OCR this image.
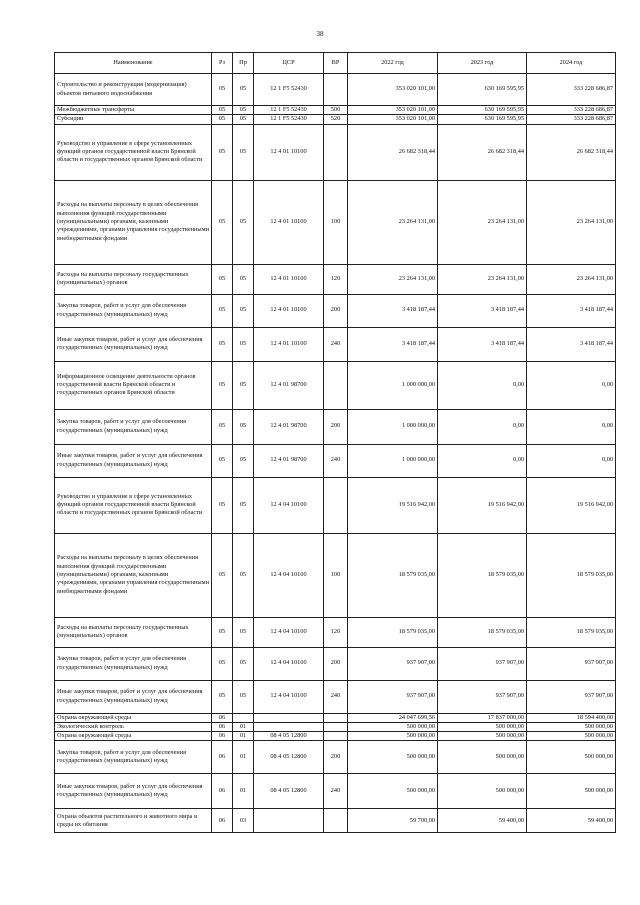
38
Наименование	Рз	Пр	ЦСР	ВР	2022 год	2023 год	2024 год
Строительство и реконструкция (модернизация) объектов питьевого водоснабжения	05	05	12 1 F5 52430		353 020 101,00	630 169 595,95	333 228 686,87
Межбюджетные трансферты	05	05	12 1 F5 52430	500	353 020 101,00	630 169 595,95	333 228 686,87
Субсидии	05	05	12 1 F5 52430	520	353 020 101,00	630 169 595,95	333 228 686,87
Руководство и управление в сфере установленных функций органов государственной власти Брянской области и государственных органов Брянской области	05	05	12 4 01 10100		26 682 318,44	26 682 318,44	26 682 318,44
Расходы на выплаты персоналу в целях обеспечения выполнения функций государственными (муниципальными) органами, казенными учреждениями, органами управления государственными внебюджетными фондами	05	05	12 4 01 10100	100	23 264 131,00	23 264 131,00	23 264 131,00
Расходы на выплаты персоналу государственных (муниципальных) органов	05	05	12 4 01 10100	120	23 264 131,00	23 264 131,00	23 264 131,00
Закупка товаров, работ и услуг для обеспечения государственных (муниципальных) нужд	05	05	12 4 01 10100	200	3 418 187,44	3 418 187,44	3 418 187,44
Иные закупки товаров, работ и услуг для обеспечения государственных (муниципальных) нужд	05	05	12 4 01 10100	240	3 418 187,44	3 418 187,44	3 418 187,44
Информационное освещение деятельности органов государственной власти Брянской области и государственных органов Брянской области	05	05	12 4 01 98700		1 000 000,00	0,00	0,00
Закупка товаров, работ и услуг для обеспечения государственных (муниципальных) нужд	05	05	12 4 01 98700	200	1 000 000,00	0,00	0,00
Иные закупки товаров, работ и услуг для обеспечения государственных (муниципальных) нужд	05	05	12 4 01 98700	240	1 000 000,00	0,00	0,00
Руководство и управление в сфере установленных функций органов государственной власти Брянской области и государственных органов Брянской области	05	05	12 4 04 10100		19 516 942,00	19 516 942,00	19 516 942,00
Расходы на выплаты персоналу в целях обеспечения выполнения функций государственными (муниципальными) органами, казенными учреждениями, органами управления государственными внебюджетными фондами	05	05	12 4 04 10100	100	18 579 035,00	18 579 035,00	18 579 035,00
Расходы на выплаты персоналу государственных (муниципальных) органов	05	05	12 4 04 10100	120	18 579 035,00	18 579 035,00	18 579 035,00
Закупка товаров, работ и услуг для обеспечения государственных (муниципальных) нужд	05	05	12 4 04 10100	200	937 907,00	937 907,00	937 907,00
Иные закупки товаров, работ и услуг для обеспечения государственных (муниципальных) нужд	05	05	12 4 04 10100	240	937 907,00	937 907,00	937 907,00
Охрана окружающей среды	06				24 047 699,56	17 837 000,00	18 594 400,00
Экологический контроль	06	01			500 000,00	500 000,00	500 000,00
Охрана окружающей среды	06	01	08 4 05 12800		500 000,00	500 000,00	500 000,00
Закупка товаров, работ и услуг для обеспечения государственных (муниципальных) нужд	06	01	08 4 05 12800	200	500 000,00	500 000,00	500 000,00
Иные закупки товаров, работ и услуг для обеспечения государственных (муниципальных) нужд	06	01	08 4 05 12800	240	500 000,00	500 000,00	500 000,00
Охрана объектов растительного и животного мира и среды их обитания	06	03			59 700,00	59 400,00	59 400,00
